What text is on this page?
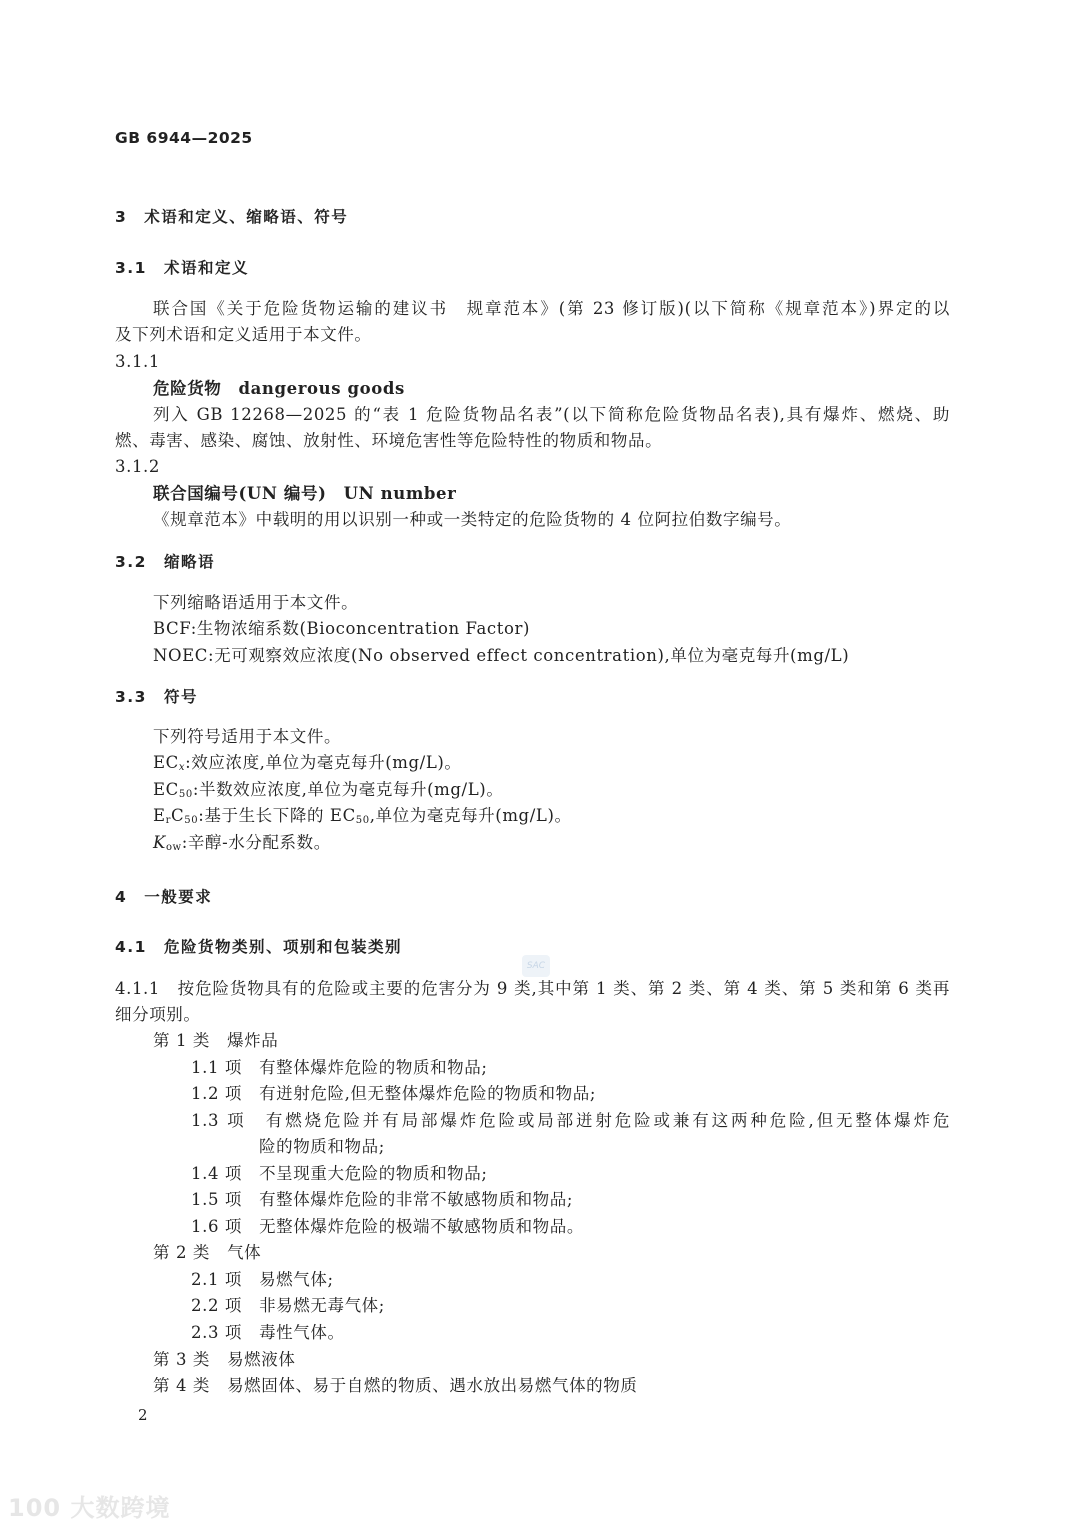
GB 6944—2025
3　术语和定义、缩略语、符号
3.1　术语和定义
联合国《关于危险货物运输的建议书　规章范本》(第 23 修订版)(以下简称《规章范本》)界定的以
及下列术语和定义适用于本文件。
3.1.1
危险货物　dangerous goods
列入 GB 12268—2025 的“表 1 危险货物品名表”(以下简称危险货物品名表),具有爆炸、燃烧、助
燃、毒害、感染、腐蚀、放射性、环境危害性等危险特性的物质和物品。
3.1.2
联合国编号(UN 编号)　UN number
《规章范本》中载明的用以识别一种或一类特定的危险货物的 4 位阿拉伯数字编号。
3.2　缩略语
下列缩略语适用于本文件。
BCF:生物浓缩系数(Bioconcentration Factor)
NOEC:无可观察效应浓度(No observed effect concentration),单位为毫克每升(mg/L)
3.3　符号
下列符号适用于本文件。
$EC_x$:效应浓度,单位为毫克每升(mg/L)。
$EC_{50}$:半数效应浓度,单位为毫克每升(mg/L)。
$E_rC_{50}$:基于生长下降的 $EC_{50}$,单位为毫克每升(mg/L)。
$K_{ow}$:辛醇-水分配系数。
4　一般要求
4.1　危险货物类别、项别和包装类别
4.1.1　按危险货物具有的危险或主要的危害分为 9 类,其中第 1 类、第 2 类、第 4 类、第 5 类和第 6 类再
细分项别。
第 1 类　爆炸品
1.1 项　有整体爆炸危险的物质和物品;
1.2 项　有迸射危险,但无整体爆炸危险的物质和物品;
1.3 项　有燃烧危险并有局部爆炸危险或局部迸射危险或兼有这两种危险,但无整体爆炸危
险的物质和物品;
1.4 项　不呈现重大危险的物质和物品;
1.5 项　有整体爆炸危险的非常不敏感物质和物品;
1.6 项　无整体爆炸危险的极端不敏感物质和物品。
第 2 类　气体
2.1 项　易燃气体;
2.2 项　非易燃无毒气体;
2.3 项　毒性气体。
第 3 类　易燃液体
第 4 类　易燃固体、易于自燃的物质、遇水放出易燃气体的物质
2
SAC
100 大数跨境
